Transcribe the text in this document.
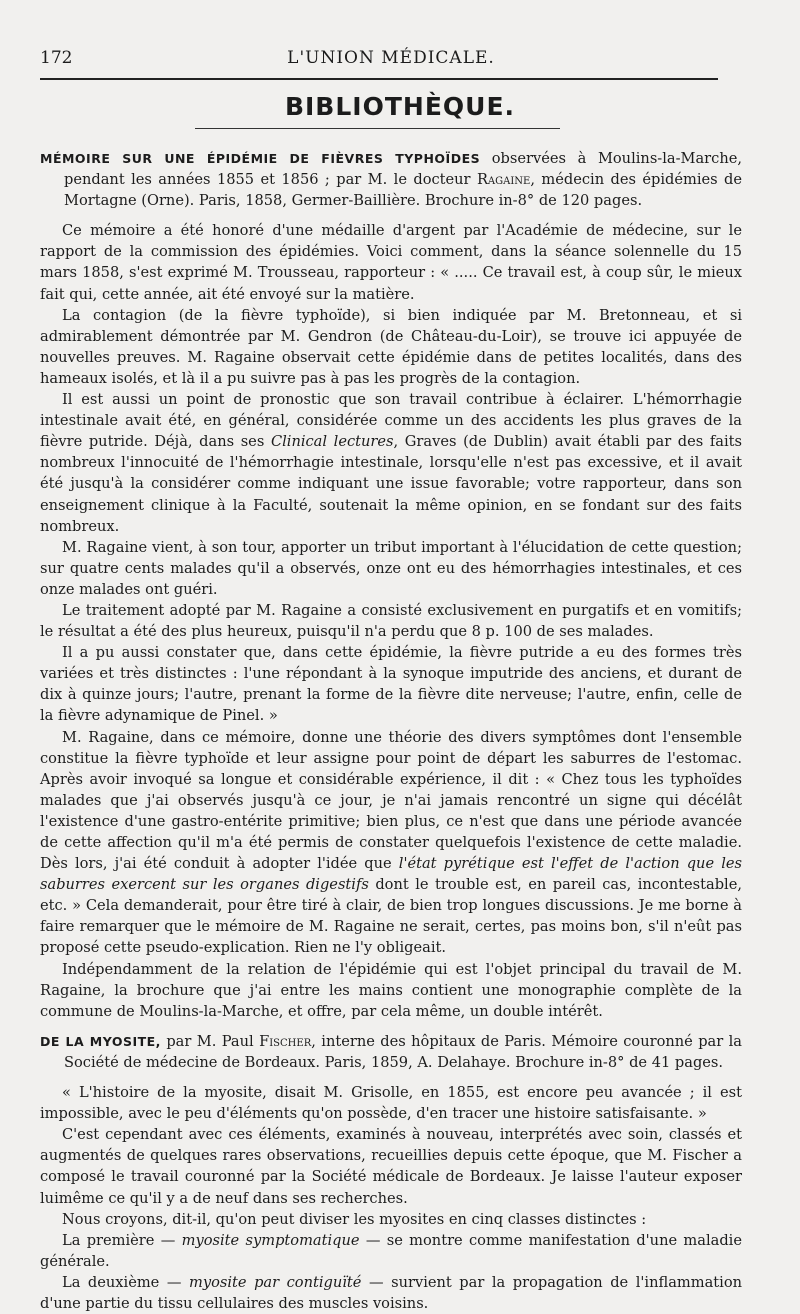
172	L'UNION MÉDICALE.
BIBLIOTHÈQUE.

MÉMOIRE SUR UNE ÉPIDÉMIE DE FIÈVRES TYPHOÏDES observées à Moulins-la-Marche, pendant les années 1855 et 1856 ; par M. le docteur Ragaine, médecin des épidémies de Mortagne (Orne). Paris, 1858, Germer-Baillière. Brochure in-8° de 120 pages.

Ce mémoire a été honoré d'une médaille d'argent par l'Académie de médecine, sur le rapport de la commission des épidémies. Voici comment, dans la séance solennelle du 15 mars 1858, s'est exprimé M. Trousseau, rapporteur : « ..... Ce travail est, à coup sûr, le mieux fait qui, cette année, ait été envoyé sur la matière.

La contagion (de la fièvre typhoïde), si bien indiquée par M. Bretonneau, et si admirablement démontrée par M. Gendron (de Château-du-Loir), se trouve ici appuyée de nouvelles preuves. M. Ragaine observait cette épidémie dans de petites localités, dans des hameaux isolés, et là il a pu suivre pas à pas les progrès de la contagion.

Il est aussi un point de pronostic que son travail contribue à éclairer. L'hémorrhagie intestinale avait été, en général, considérée comme un des accidents les plus graves de la fièvre putride. Déjà, dans ses Clinical lectures, Graves (de Dublin) avait établi par des faits nombreux l'innocuité de l'hémorrhagie intestinale, lorsqu'elle n'est pas excessive, et il avait été jusqu'à la considérer comme indiquant une issue favorable; votre rapporteur, dans son enseignement clinique à la Faculté, soutenait la même opinion, en se fondant sur des faits nombreux.

M. Ragaine vient, à son tour, apporter un tribut important à l'élucidation de cette question; sur quatre cents malades qu'il a observés, onze ont eu des hémorrhagies intestinales, et ces onze malades ont guéri.

Le traitement adopté par M. Ragaine a consisté exclusivement en purgatifs et en vomitifs; le résultat a été des plus heureux, puisqu'il n'a perdu que 8 p. 100 de ses malades.

Il a pu aussi constater que, dans cette épidémie, la fièvre putride a eu des formes très variées et très distinctes : l'une répondant à la synoque imputride des anciens, et durant de dix à quinze jours; l'autre, prenant la forme de la fièvre dite nerveuse; l'autre, enfin, celle de la fièvre adynamique de Pinel. »

M. Ragaine, dans ce mémoire, donne une théorie des divers symptômes dont l'ensemble constitue la fièvre typhoïde et leur assigne pour point de départ les saburres de l'estomac. Après avoir invoqué sa longue et considérable expérience, il dit : « Chez tous les typhoïdes malades que j'ai observés jusqu'à ce jour, je n'ai jamais rencontré un signe qui décélât l'existence d'une gastro-entérite primitive; bien plus, ce n'est que dans une période avancée de cette affection qu'il m'a été permis de constater quelquefois l'existence de cette maladie. Dès lors, j'ai été conduit à adopter l'idée que l'état pyrétique est l'effet de l'action que les saburres exercent sur les organes digestifs dont le trouble est, en pareil cas, incontestable, etc. » Cela demanderait, pour être tiré à clair, de bien trop longues discussions. Je me borne à faire remarquer que le mémoire de M. Ragaine ne serait, certes, pas moins bon, s'il n'eût pas proposé cette pseudo-explication. Rien ne l'y obligeait.

Indépendamment de la relation de l'épidémie qui est l'objet principal du travail de M. Ragaine, la brochure que j'ai entre les mains contient une monographie complète de la commune de Moulins-la-Marche, et offre, par cela même, un double intérêt.

DE LA MYOSITE, par M. Paul Fischer, interne des hôpitaux de Paris. Mémoire couronné par la Société de médecine de Bordeaux. Paris, 1859, A. Delahaye. Brochure in-8° de 41 pages.

« L'histoire de la myosite, disait M. Grisolle, en 1855, est encore peu avancée ; il est impossible, avec le peu d'éléments qu'on possède, d'en tracer une histoire satisfaisante. »

C'est cependant avec ces éléments, examinés à nouveau, interprétés avec soin, classés et augmentés de quelques rares observations, recueillies depuis cette époque, que M. Fischer a composé le travail couronné par la Société médicale de Bordeaux. Je laisse l'auteur exposer luimême ce qu'il y a de neuf dans ses recherches.

Nous croyons, dit-il, qu'on peut diviser les myosites en cinq classes distinctes :

La première — myosite symptomatique — se montre comme manifestation d'une maladie générale.

La deuxième — myosite par contiguïté — survient par la propagation de l'inflammation d'une partie du tissu cellulaires des muscles voisins.
